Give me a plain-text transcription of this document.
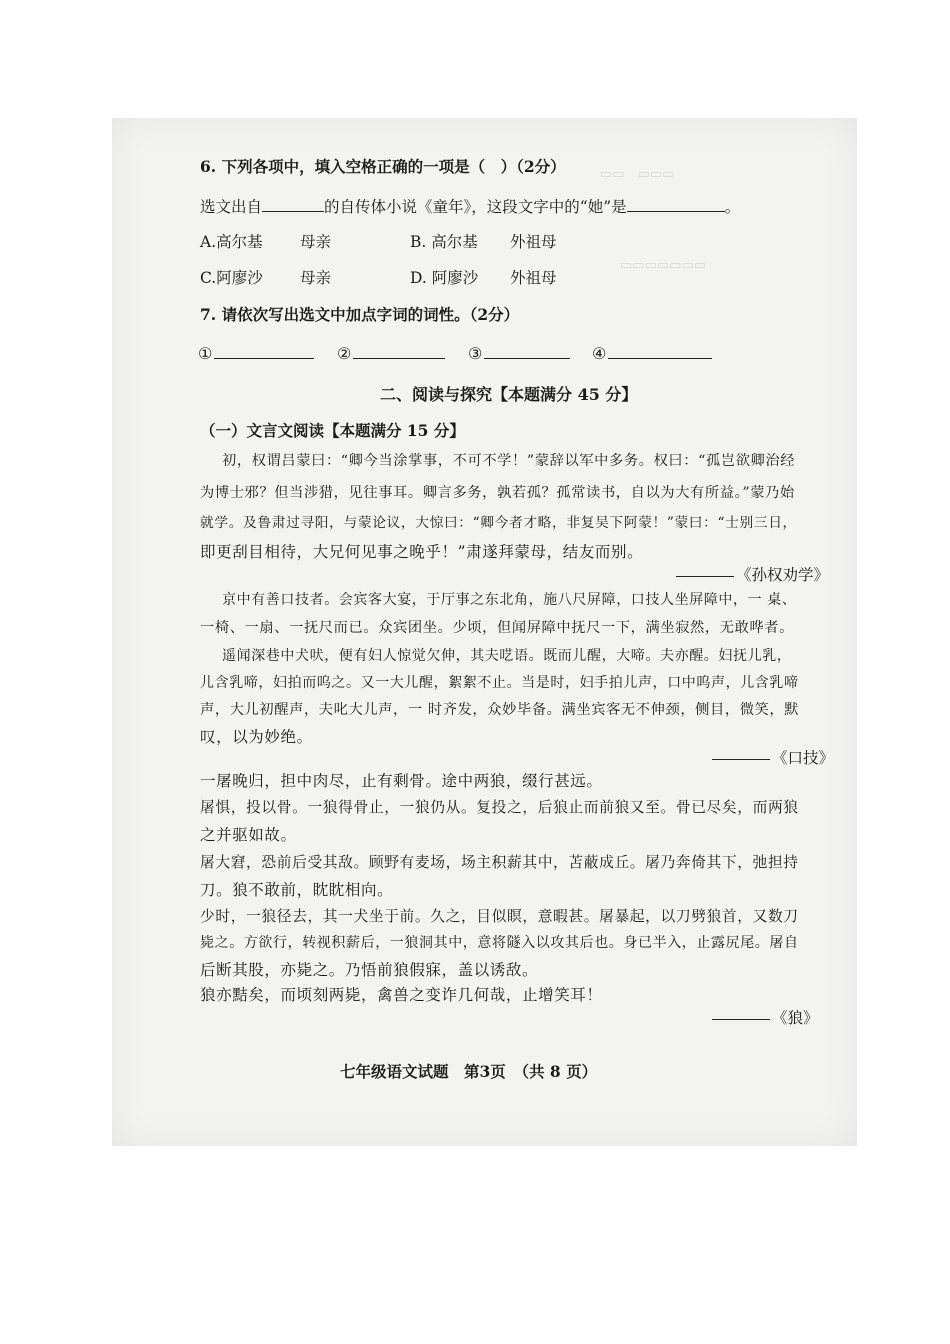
▭▭　▭▭▭
▭▭▭▭▭▭▭
6. 下列各项中，填入空格正确的一项是（　）（2分）
选文出自	的自传体小说《童年》，这段文字中的“她”是	。
A.高尔基 母亲	B. 高尔基 外祖母
C.阿廖沙 母亲	D. 阿廖沙 外祖母
7. 请依次写出选文中加点字词的词性。（2分）
①	②	③	④
二、阅读与探究【本题满分 45 分】
（一）文言文阅读【本题满分 15 分】
初，权谓吕蒙曰：“卿今当涂掌事，不可不学！”蒙辞以军中多务。权曰：“孤岂欲卿治经
为博士邪？但当涉猎，见往事耳。卿言多务，孰若孤？孤常读书，自以为大有所益。”蒙乃始
就学。及鲁肃过寻阳，与蒙论议，大惊曰：“卿今者才略，非复吴下阿蒙！”蒙曰：“士别三日，
即更刮目相待，大兄何见事之晚乎！”肃遂拜蒙母，结友而别。
《孙权劝学》
京中有善口技者。会宾客大宴，于厅事之东北角，施八尺屏障，口技人坐屏障中，一 桌、
一椅、一扇、一抚尺而已。众宾团坐。少顷，但闻屏障中抚尺一下，满坐寂然，无敢哗者。
遥闻深巷中犬吠，便有妇人惊觉欠伸，其夫呓语。既而儿醒，大啼。夫亦醒。妇抚儿乳，
儿含乳啼，妇拍而呜之。又一大儿醒，絮絮不止。当是时，妇手拍儿声，口中呜声，儿含乳啼
声，大儿初醒声，夫叱大儿声，一 时齐发，众妙毕备。满坐宾客无不伸颈，侧目，微笑，默
叹，以为妙绝。
《口技》
一屠晚归，担中肉尽，止有剩骨。途中两狼，缀行甚远。
屠惧，投以骨。一狼得骨止，一狼仍从。复投之，后狼止而前狼又至。骨已尽矣，而两狼
之并驱如故。
屠大窘，恐前后受其敌。顾野有麦场，场主积薪其中，苫蔽成丘。屠乃奔倚其下，弛担持
刀。狼不敢前，眈眈相向。
少时，一狼径去，其一犬坐于前。久之，目似瞑，意暇甚。屠暴起，以刀劈狼首，又数刀
毙之。方欲行，转视积薪后，一狼洞其中，意将隧入以攻其后也。身已半入，止露尻尾。屠自
后断其股，亦毙之。乃悟前狼假寐，盖以诱敌。
狼亦黠矣，而顷刻两毙，禽兽之变诈几何哉，止增笑耳！
《狼》
七年级语文试题　第3页　（共 8 页）
